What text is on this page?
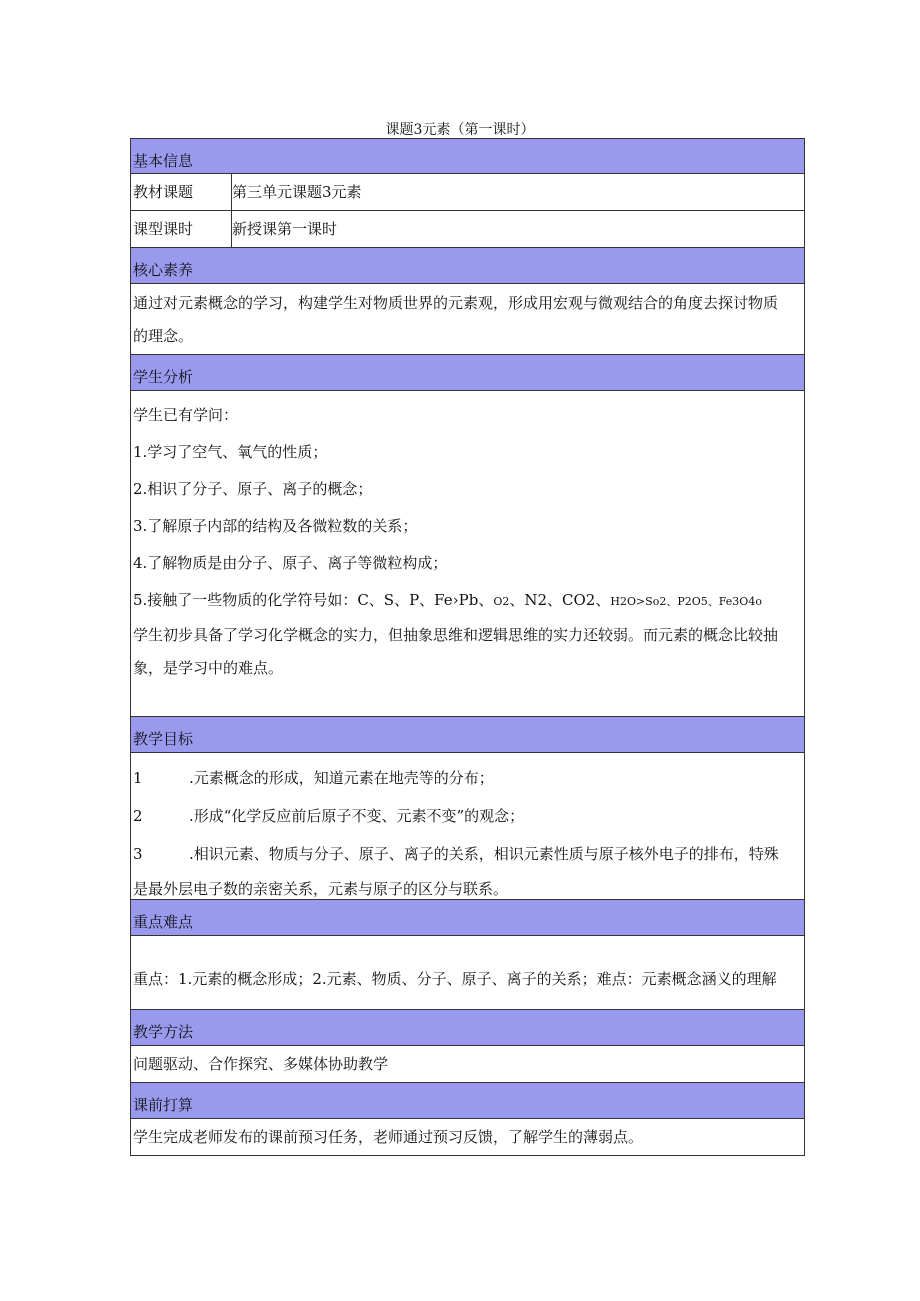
课题3元素（第一课时）
基本信息
教材课题	第三单元课题3元素
课型课时	新授课第一课时
核心素养
通过对元素概念的学习，构建学生对物质世界的元素观，形成用宏观与微观结合的角度去探讨物质
的理念。
学生分析
学生已有学问：
1.学习了空气、氧气的性质；
2.相识了分子、原子、离子的概念；
3.了解原子内部的结构及各微粒数的关系；
4.了解物质是由分子、原子、离子等微粒构成；
5.接触了一些物质的化学符号如：C、S、P、Fe›Pb、O2、N2、CO2、H2O>So2、P2O5、Fe3O4o
学生初步具备了学习化学概念的实力，但抽象思维和逻辑思维的实力还较弱。而元素的概念比较抽
象，是学习中的难点。
教学目标
1	.元素概念的形成，知道元素在地壳等的分布；
2	.形成“化学反应前后原子不变、元素不变”的观念；
3	.相识元素、物质与分子、原子、离子的关系，相识元素性质与原子核外电子的排布，特殊
是最外层电子数的亲密关系，元素与原子的区分与联系。
重点难点
重点：1.元素的概念形成；2.元素、物质、分子、原子、离子的关系；难点：元素概念涵义的理解
教学方法
问题驱动、合作探究、多媒体协助教学
课前打算
学生完成老师发布的课前预习任务，老师通过预习反馈，了解学生的薄弱点。
